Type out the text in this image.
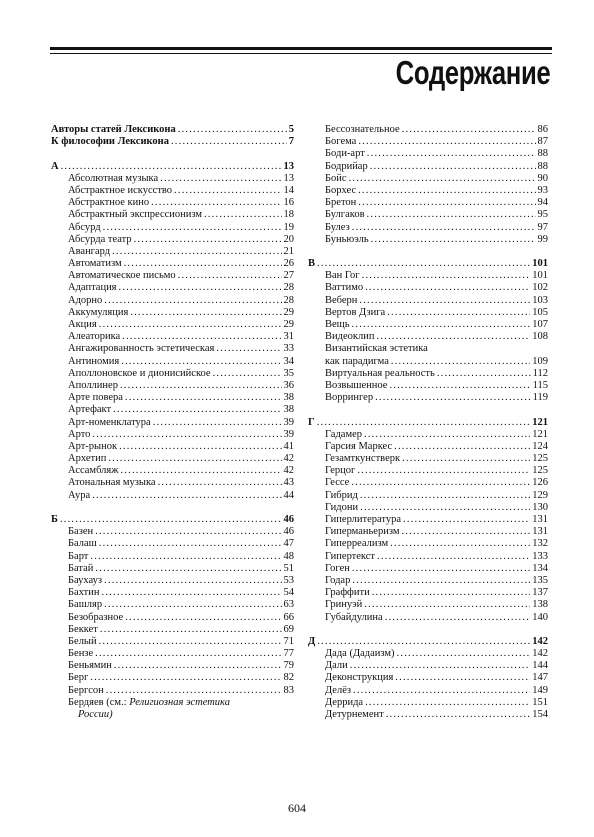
Содержание
Авторы статей Лексикона .....	5
К философии Лексикона .....	7
А .....	13
Абсолютная музыка .....	13
Абстрактное искусство .....	14
Абстрактное кино .....	16
Абстрактный экспрессионизм .....	18
Абсурд .....	19
Абсурда театр .....	20
Авангард .....	21
Автоматизм .....	26
Автоматическое письмо .....	27
Адаптация .....	28
Адорно .....	28
Аккумуляция .....	29
Акция .....	29
Алеаторика .....	31
Ангажированность эстетическая .....	33
Антиномия .....	34
Аполлоновское и дионисийское .....	35
Аполлинер .....	36
Арте повера .....	38
Артефакт .....	38
Арт-номенклатура .....	39
Арто .....	39
Арт-рынок .....	41
Архетип .....	42
Ассамбляж .....	42
Атональная музыка .....	43
Аура .....	44
Б .....	46
Базен .....	46
Балаш .....	47
Барт .....	48
Батай .....	51
Баухауз .....	53
Бахтин .....	54
Башляр .....	63
Безобразное .....	66
Беккет .....	69
Белый .....	71
Бензе .....	77
Беньямин .....	79
Берг .....	82
Бергсон .....	83
Бердяев (см.: Религиозная эстетика
России)
Бессознательное .....	86
Богема .....	87
Боди-арт .....	88
Бодрийар .....	88
Бойс .....	90
Борхес .....	93
Бретон .....	94
Булгаков .....	95
Булез .....	97
Буньюэль .....	99
В .....	101
Ван Гог .....	101
Ваттимо .....	102
Веберн .....	103
Вертов Дзига .....	105
Вещь .....	107
Видеоклип .....	108
Византийская эстетика
как парадигма .....	109
Виртуальная реальность .....	112
Возвышенное .....	115
Воррингер .....	119
Г .....	121
Гадамер .....	121
Гарсия Маркес .....	124
Гезамткунстверк .....	125
Герцог .....	125
Гессе .....	126
Гибрид .....	129
Гидони .....	130
Гиперлитература .....	131
Гиперманьеризм .....	131
Гиперреализм .....	132
Гипертекст .....	133
Гоген .....	134
Годар .....	135
Граффити .....	137
Гринуэй .....	138
Губайдулина .....	140
Д .....	142
Дада (Дадаизм) .....	142
Дали .....	144
Деконструкция .....	147
Делёз .....	149
Деррида .....	151
Детурнемент .....	154
604
